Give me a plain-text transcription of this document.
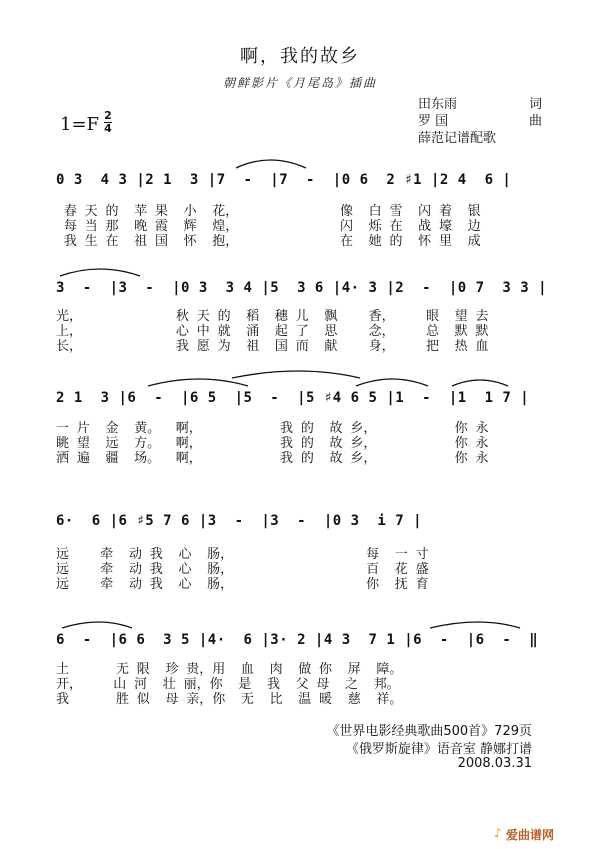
啊，我的故乡
朝鲜影片《月尾岛》插曲
1=F 2
4
田东雨	词
罗 国	曲
薛范记谱配歌
0 3  4 3 |2 1  3 |7  -  |7  -  |0 6  2 ♯1 |2 4  6 |
春 天 的  苹 果  小  花，             像  白 雪  闪 着  银
每 当 那  晚 霞  辉  煌，             闪  烁 在  战 壕  边
我 生 在  祖 国  怀  抱，             在  她 的  怀 里  成
3  -  |3  -  |0 3  3 4 |5  3 6 |4· 3 |2  -  |0 7  3 3 |
光，            秋 天 的  稻  穗 儿  飘    香，    眼  望 去
上，            心 中 就  涌  起 了  思    念，    总  默 默
长，            我 愿 为  祖  国 而  献    身，    把  热 血
2 1  3 |6  -  |6 5  |5  -  |5 ♯4 6 5 |1  -  |1  1 7 |
一 片  金  黄。  啊，          我 的  故 乡，          你 永
眺 望  远  方。  啊，          我 的  故 乡，          你 永
洒 遍  疆  场。  啊，          我 的  故 乡，          你 永
6·  6 |6 ♯5 7 6 |3  -  |3  -  |0 3  i 7 |
远    牵  动 我  心  肠，                 每  一 寸
远    牵  动 我  心  肠，                 百  花 盛
远    牵  动 我  心  肠，                 你  抚 育
6  -  |6 6  3 5 |4·  6 |3· 2 |4 3  7 1 |6  -  |6  -  ‖
土      无 限  珍 贵，用  血  肉  做 你  屏  障。
开，    山 河  壮 丽，你  是  我  父 母  之  邦。
我      胜 似  母 亲，你  无  比  温 暖  慈  祥。
《世界电影经典歌曲500首》729页
《俄罗斯旋律》语音室 静娜打谱
2008.03.31
♪ 爱曲谱网
